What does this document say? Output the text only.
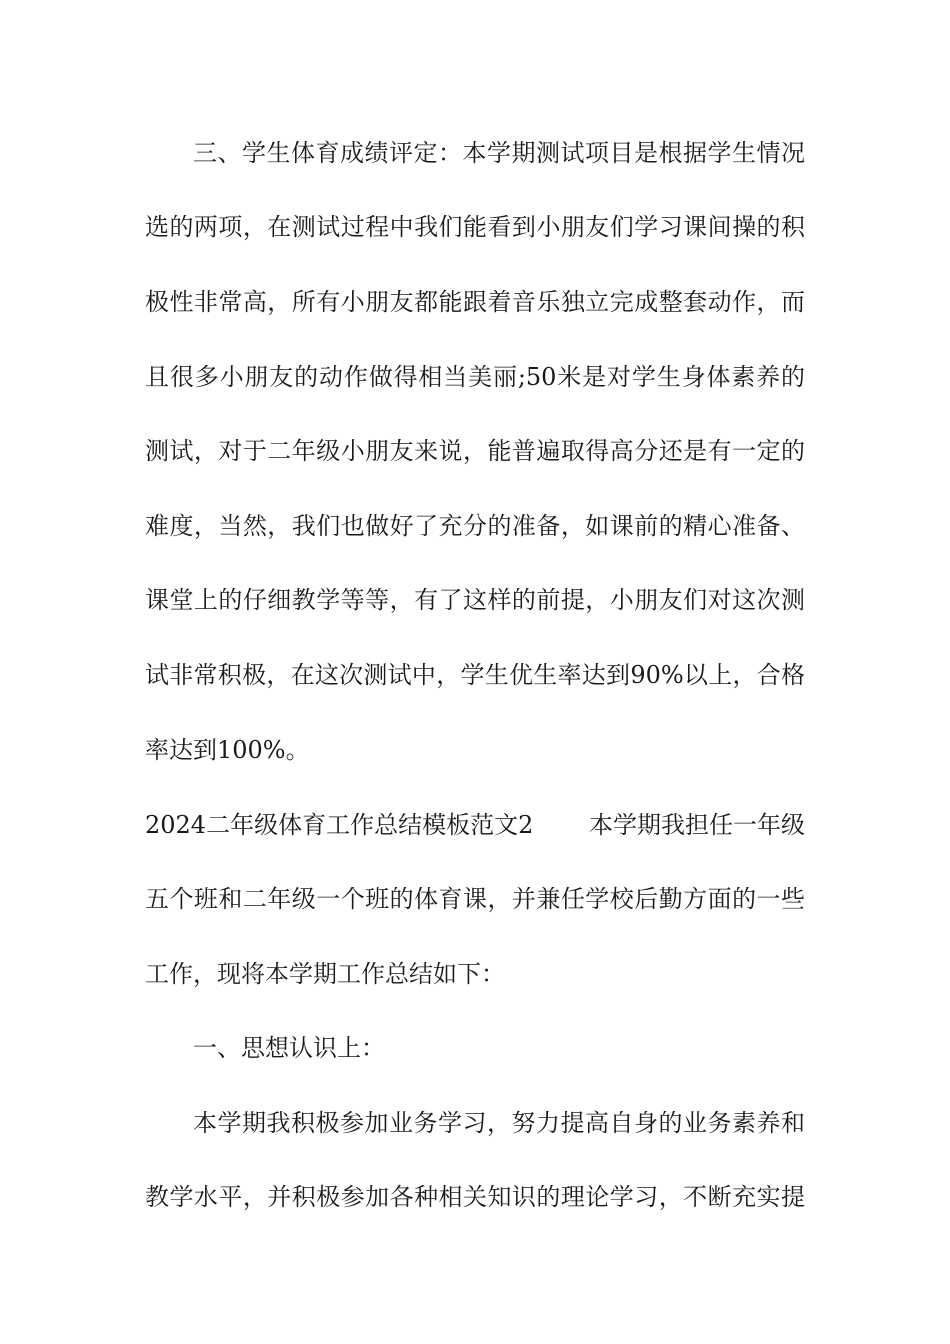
三、学生体育成绩评定：本学期测试项目是根据学生情况
选的两项，在测试过程中我们能看到小朋友们学习课间操的积
极性非常高，所有小朋友都能跟着音乐独立完成整套动作，而
且很多小朋友的动作做得相当美丽;50米是对学生身体素养的
测试，对于二年级小朋友来说，能普遍取得高分还是有一定的
难度，当然，我们也做好了充分的准备，如课前的精心准备、
课堂上的仔细教学等等，有了这样的前提，小朋友们对这次测
试非常积极，在这次测试中，学生优生率达到90%以上，合格
率达到100%。
2024二年级体育工作总结模板范文2 本学期我担任一年级
五个班和二年级一个班的体育课，并兼任学校后勤方面的一些
工作，现将本学期工作总结如下：
一、思想认识上：
本学期我积极参加业务学习，努力提高自身的业务素养和
教学水平，并积极参加各种相关知识的理论学习，不断充实提
